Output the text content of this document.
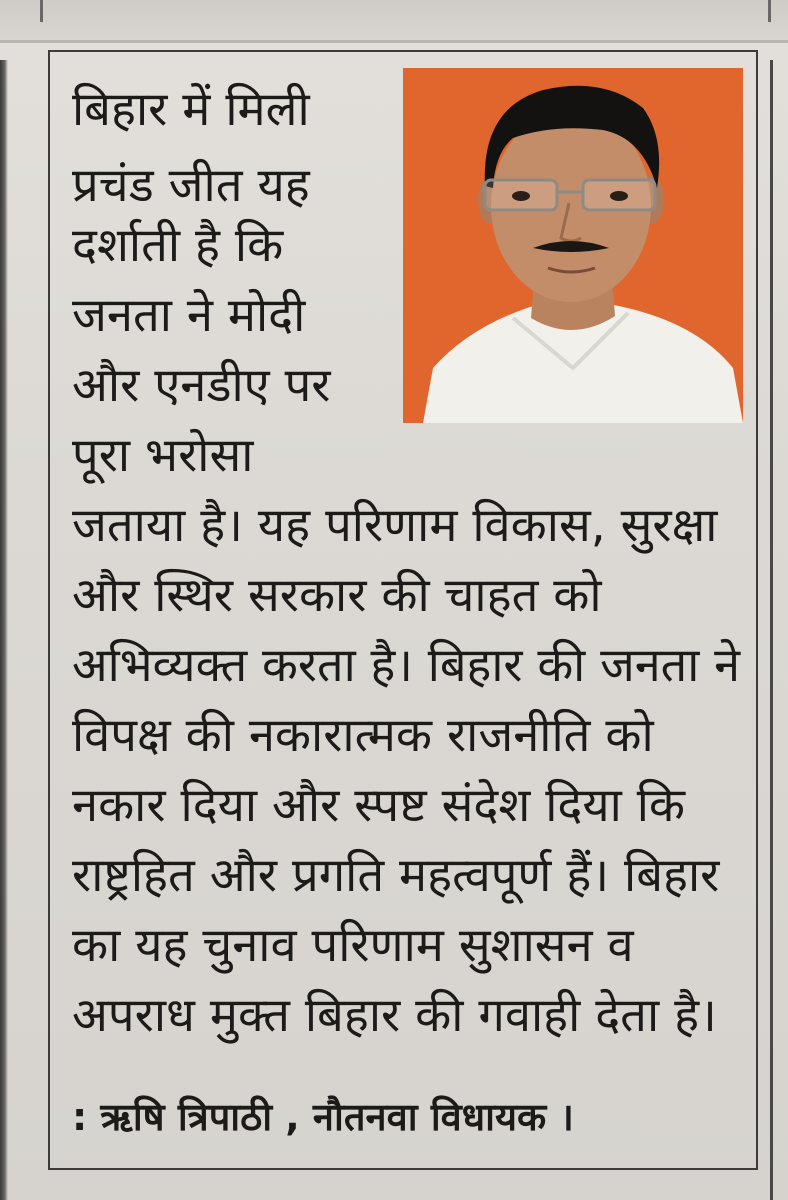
बिहार में मिली
प्रचंड जीत यह
दर्शाती है कि
जनता ने मोदी
और एनडीए पर
पूरा भरोसा
जताया है। यह परिणाम विकास, सुरक्षा
और स्थिर सरकार की चाहत को
अभिव्यक्त करता है। बिहार की जनता ने
विपक्ष की नकारात्मक राजनीति को
नकार दिया और स्पष्ट संदेश दिया कि
राष्ट्रहित और प्रगति महत्वपूर्ण हैं। बिहार
का यह चुनाव परिणाम सुशासन व
अपराध मुक्त बिहार की गवाही देता है।
: ऋषि त्रिपाठी , नौतनवा विधायक ।
